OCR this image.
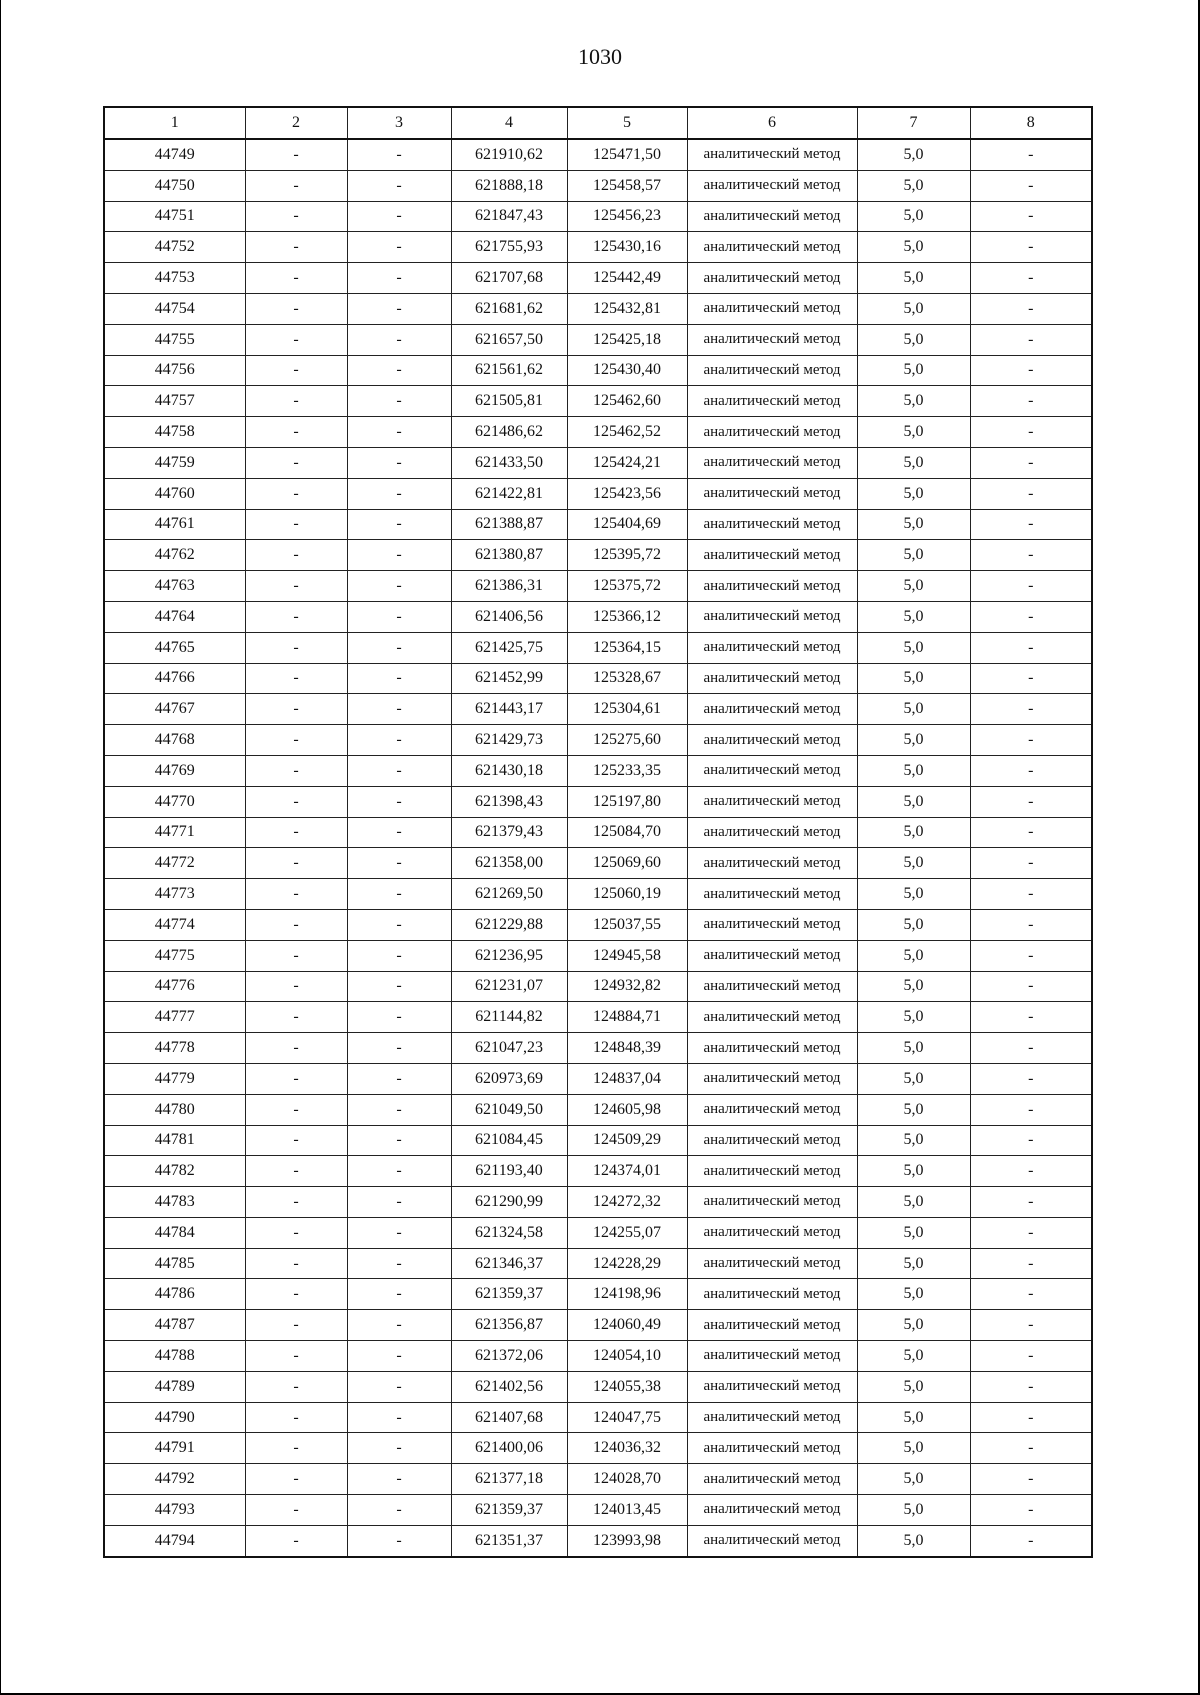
1030
1	2	3	4	5	6	7	8
44749	-	-	621910,62	125471,50	аналитический метод	5,0	-
44750	-	-	621888,18	125458,57	аналитический метод	5,0	-
44751	-	-	621847,43	125456,23	аналитический метод	5,0	-
44752	-	-	621755,93	125430,16	аналитический метод	5,0	-
44753	-	-	621707,68	125442,49	аналитический метод	5,0	-
44754	-	-	621681,62	125432,81	аналитический метод	5,0	-
44755	-	-	621657,50	125425,18	аналитический метод	5,0	-
44756	-	-	621561,62	125430,40	аналитический метод	5,0	-
44757	-	-	621505,81	125462,60	аналитический метод	5,0	-
44758	-	-	621486,62	125462,52	аналитический метод	5,0	-
44759	-	-	621433,50	125424,21	аналитический метод	5,0	-
44760	-	-	621422,81	125423,56	аналитический метод	5,0	-
44761	-	-	621388,87	125404,69	аналитический метод	5,0	-
44762	-	-	621380,87	125395,72	аналитический метод	5,0	-
44763	-	-	621386,31	125375,72	аналитический метод	5,0	-
44764	-	-	621406,56	125366,12	аналитический метод	5,0	-
44765	-	-	621425,75	125364,15	аналитический метод	5,0	-
44766	-	-	621452,99	125328,67	аналитический метод	5,0	-
44767	-	-	621443,17	125304,61	аналитический метод	5,0	-
44768	-	-	621429,73	125275,60	аналитический метод	5,0	-
44769	-	-	621430,18	125233,35	аналитический метод	5,0	-
44770	-	-	621398,43	125197,80	аналитический метод	5,0	-
44771	-	-	621379,43	125084,70	аналитический метод	5,0	-
44772	-	-	621358,00	125069,60	аналитический метод	5,0	-
44773	-	-	621269,50	125060,19	аналитический метод	5,0	-
44774	-	-	621229,88	125037,55	аналитический метод	5,0	-
44775	-	-	621236,95	124945,58	аналитический метод	5,0	-
44776	-	-	621231,07	124932,82	аналитический метод	5,0	-
44777	-	-	621144,82	124884,71	аналитический метод	5,0	-
44778	-	-	621047,23	124848,39	аналитический метод	5,0	-
44779	-	-	620973,69	124837,04	аналитический метод	5,0	-
44780	-	-	621049,50	124605,98	аналитический метод	5,0	-
44781	-	-	621084,45	124509,29	аналитический метод	5,0	-
44782	-	-	621193,40	124374,01	аналитический метод	5,0	-
44783	-	-	621290,99	124272,32	аналитический метод	5,0	-
44784	-	-	621324,58	124255,07	аналитический метод	5,0	-
44785	-	-	621346,37	124228,29	аналитический метод	5,0	-
44786	-	-	621359,37	124198,96	аналитический метод	5,0	-
44787	-	-	621356,87	124060,49	аналитический метод	5,0	-
44788	-	-	621372,06	124054,10	аналитический метод	5,0	-
44789	-	-	621402,56	124055,38	аналитический метод	5,0	-
44790	-	-	621407,68	124047,75	аналитический метод	5,0	-
44791	-	-	621400,06	124036,32	аналитический метод	5,0	-
44792	-	-	621377,18	124028,70	аналитический метод	5,0	-
44793	-	-	621359,37	124013,45	аналитический метод	5,0	-
44794	-	-	621351,37	123993,98	аналитический метод	5,0	-
